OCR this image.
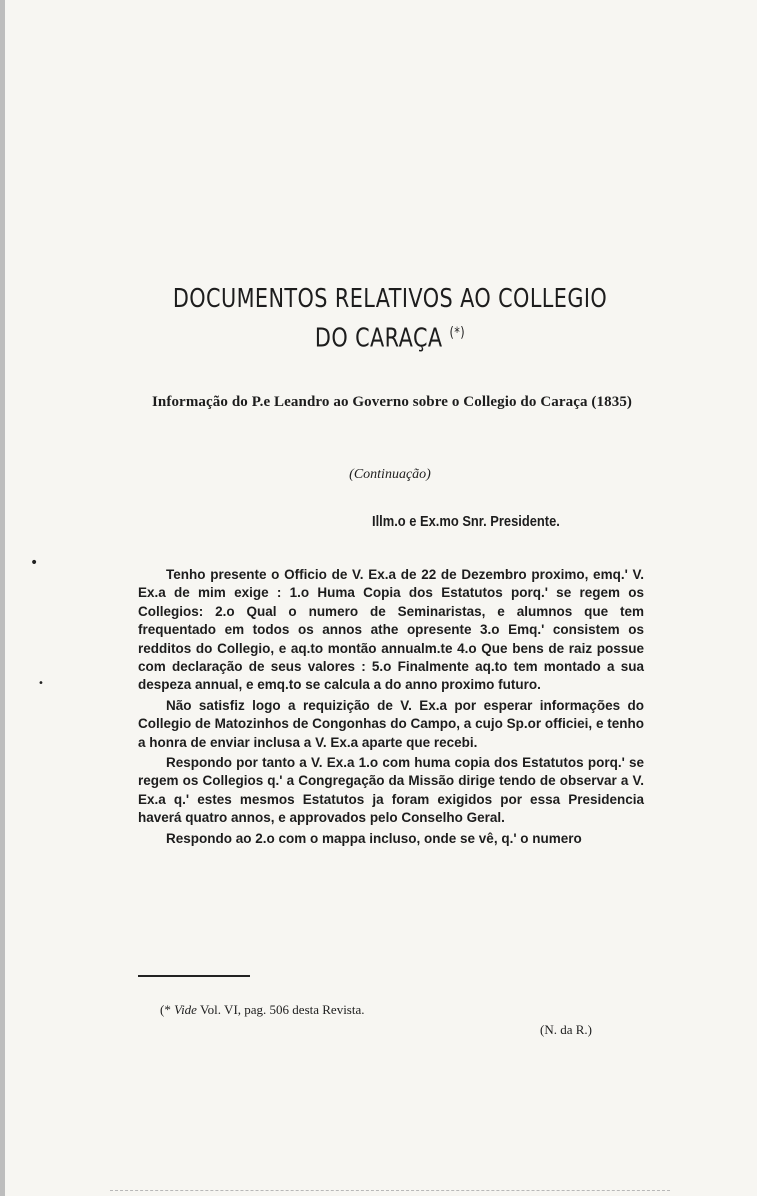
•
•
DOCUMENTOS RELATIVOS AO COLLEGIO
DO CARAÇA (*)

Informação do P.e Leandro ao Governo sobre o Collegio do Caraça (1835)

(Continuação)
Illm.o e Ex.mo Snr. Presidente.

Tenho presente o Officio de V. Ex.a de 22 de Dezembro proximo, emq.' V. Ex.a de mim exige : 1.o Huma Copia dos Estatutos porq.' se regem os Collegios: 2.o Qual o numero de Seminaristas, e alumnos que tem frequentado em todos os annos athe opresente 3.o Emq.' consistem os redditos do Collegio, e aq.to montão annualm.te 4.o Que bens de raiz possue com declaração de seus valores : 5.o Finalmente aq.to tem montado a sua despeza annual, e emq.to se calcula a do anno proximo futuro.

Não satisfiz logo a requizição de V. Ex.a por esperar informações do Collegio de Matozinhos de Congonhas do Campo, a cujo Sp.or officiei, e tenho a honra de enviar inclusa a V. Ex.a aparte que recebi.

Respondo por tanto a V. Ex.a 1.o com huma copia dos Estatutos porq.' se regem os Collegios q.' a Congregação da Missão dirige tendo de observar a V. Ex.a q.' estes mesmos Estatutos ja foram exigidos por essa Presidencia haverá quatro annos, e approvados pelo Conselho Geral.

Respondo ao 2.o com o mappa incluso, onde se vê, q.' o numero

(* Vide Vol. VI, pag. 506 desta Revista.
(N. da R.)
